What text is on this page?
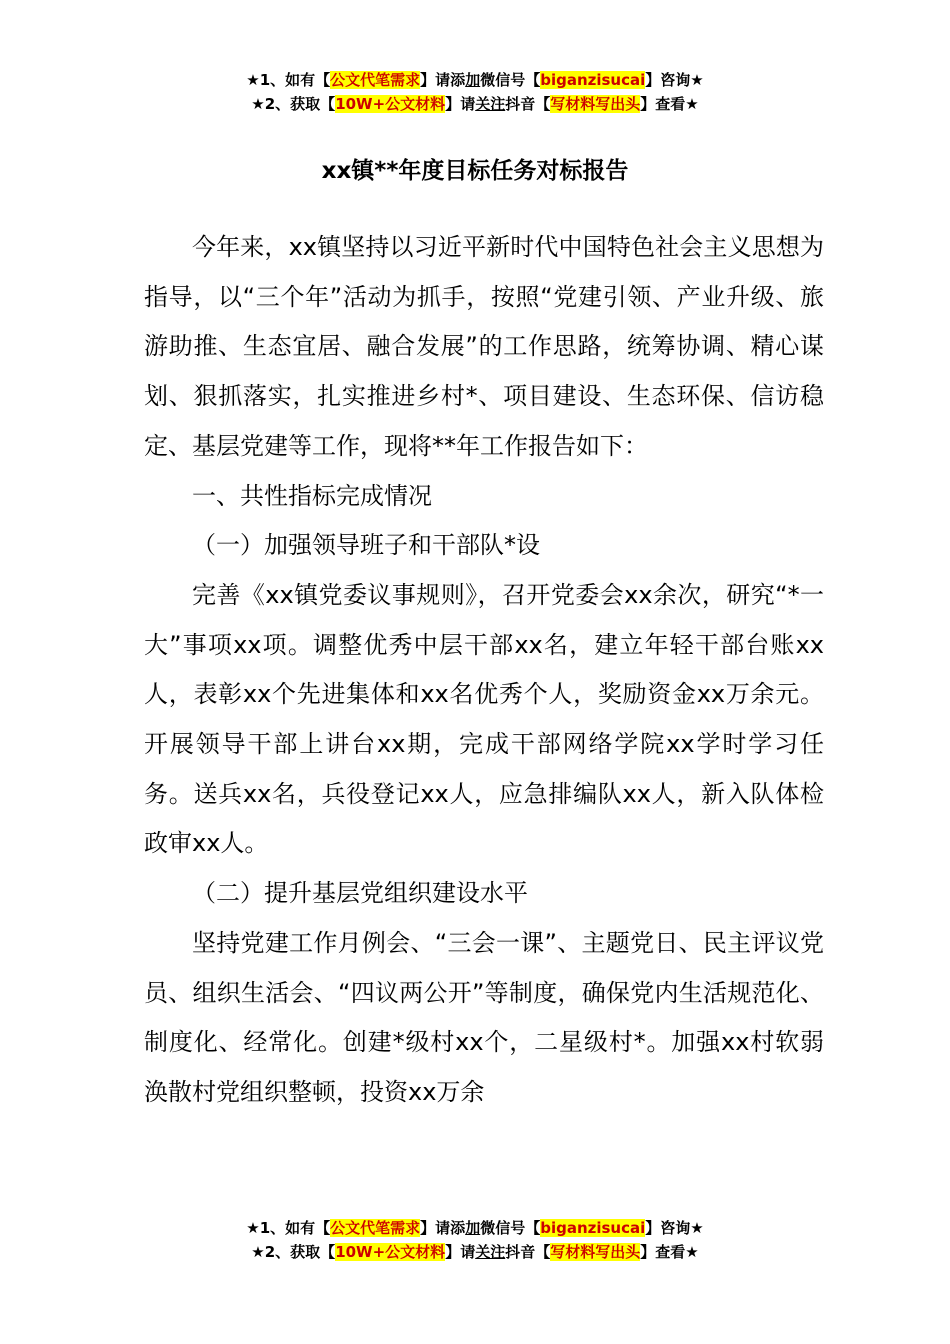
★1、如有【公文代笔需求】请添加微信号【biganzisucai】咨询★
★2、获取【10W+公文材料】请关注抖音【写材料写出头】查看★
xx镇**年度目标任务对标报告

今年来，xx镇坚持以习近平新时代中国特色社会主义思想为指导，以“三个年”活动为抓手，按照“党建引领、产业升级、旅游助推、生态宜居、融合发展”的工作思路，统筹协调、精心谋划、狠抓落实，扎实推进乡村*、项目建设、生态环保、信访稳定、基层党建等工作，现将**年工作报告如下：

一、共性指标完成情况

（一）加强领导班子和干部队*设

完善《xx镇党委议事规则》，召开党委会xx余次，研究“*一大”事项xx项。调整优秀中层干部xx名，建立年轻干部台账xx人，表彰xx个先进集体和xx名优秀个人，奖励资金xx万余元。开展领导干部上讲台xx期，完成干部网络学院xx学时学习任务。送兵xx名，兵役登记xx人，应急排编队xx人，新入队体检政审xx人。

（二）提升基层党组织建设水平

坚持党建工作月例会、“三会一课”、主题党日、民主评议党员、组织生活会、“四议两公开”等制度，确保党内生活规范化、制度化、经常化。创建*级村xx个，二星级村*。加强xx村软弱涣散村党组织整顿，投资xx万余

★1、如有【公文代笔需求】请添加微信号【biganzisucai】咨询★
★2、获取【10W+公文材料】请关注抖音【写材料写出头】查看★
